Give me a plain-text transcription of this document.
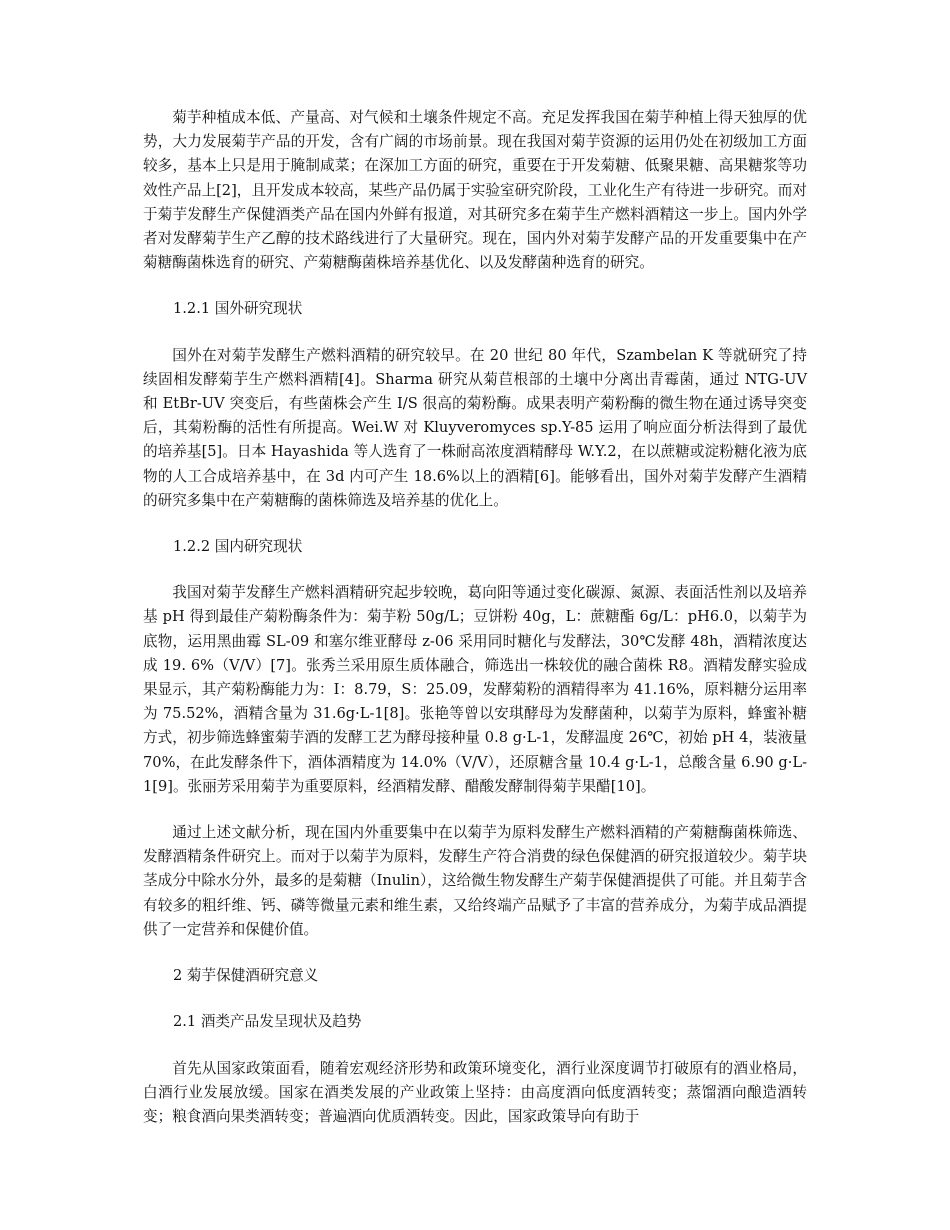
菊芋种植成本低、产量高、对气候和土壤条件规定不高。充足发挥我国在菊芋种植上得天独厚的优势，大力发展菊芋产品的开发，含有广阔的市场前景。现在我国对菊芋资源的运用仍处在初级加工方面较多，基本上只是用于腌制咸菜；在深加工方面的研究，重要在于开发菊糖、低聚果糖、高果糖浆等功效性产品上[2]，且开发成本较高，某些产品仍属于实验室研究阶段，工业化生产有待进一步研究。而对于菊芋发酵生产保健酒类产品在国内外鲜有报道，对其研究多在菊芋生产燃料酒精这一步上。国内外学者对发酵菊芋生产乙醇的技术路线进行了大量研究。现在，国内外对菊芋发酵产品的开发重要集中在产菊糖酶菌株选育的研究、产菊糖酶菌株培养基优化、以及发酵菌种选育的研究。

1.2.1 国外研究现状

国外在对菊芋发酵生产燃料酒精的研究较早。在 20 世纪 80 年代，Szambelan K 等就研究了持续固相发酵菊芋生产燃料酒精[4]。Sharma 研究从菊苣根部的土壤中分离出青霉菌，通过 NTG-UV 和 EtBr-UV 突变后，有些菌株会产生 I/S 很高的菊粉酶。成果表明产菊粉酶的微生物在通过诱导突变后，其菊粉酶的活性有所提高。Wei.W 对 Kluyveromyces sp.Y-85 运用了响应面分析法得到了最优的培养基[5]。日本 Hayashida 等人选育了一株耐高浓度酒精酵母 W.Y.2，在以蔗糖或淀粉糖化液为底物的人工合成培养基中，在 3d 内可产生 18.6%以上的酒精[6]。能够看出，国外对菊芋发酵产生酒精的研究多集中在产菊糖酶的菌株筛选及培养基的优化上。

1.2.2 国内研究现状

我国对菊芋发酵生产燃料酒精研究起步较晚，葛向阳等通过变化碳源、氮源、表面活性剂以及培养基 pH 得到最佳产菊粉酶条件为：菊芋粉 50g/L；豆饼粉 40g，L：蔗糖酯 6g/L：pH6.0，以菊芋为底物，运用黑曲霉 SL-09 和塞尔维亚酵母 z-06 采用同时糖化与发酵法，30℃发酵 48h，酒精浓度达成 19. 6%（V/V）[7]。张秀兰采用原生质体融合，筛选出一株较优的融合菌株 R8。酒精发酵实验成果显示，其产菊粉酶能力为：I：8.79，S：25.09，发酵菊粉的酒精得率为 41.16%，原料糖分运用率为 75.52%，酒精含量为 31.6g·L-1[8]。张艳等曾以安琪酵母为发酵菌种，以菊芋为原料，蜂蜜补糖方式，初步筛选蜂蜜菊芋酒的发酵工艺为酵母接种量 0.8 g·L-1，发酵温度 26℃，初始 pH 4，装液量 70%，在此发酵条件下，酒体酒精度为 14.0%（V/V），还原糖含量 10.4 g·L-1，总酸含量 6.90 g·L-1[9]。张丽芳采用菊芋为重要原料，经酒精发酵、醋酸发酵制得菊芋果醋[10]。

通过上述文献分析，现在国内外重要集中在以菊芋为原料发酵生产燃料酒精的产菊糖酶菌株筛选、发酵酒精条件研究上。而对于以菊芋为原料，发酵生产符合消费的绿色保健酒的研究报道较少。菊芋块茎成分中除水分外，最多的是菊糖（Inulin），这给微生物发酵生产菊芋保健酒提供了可能。并且菊芋含有较多的粗纤维、钙、磷等微量元素和维生素，又给终端产品赋予了丰富的营养成分，为菊芋成品酒提供了一定营养和保健价值。

2 菊芋保健酒研究意义

2.1 酒类产品发呈现状及趋势

首先从国家政策面看，随着宏观经济形势和政策环境变化，酒行业深度调节打破原有的酒业格局，白酒行业发展放缓。国家在酒类发展的产业政策上坚持：由高度酒向低度酒转变；蒸馏酒向酿造酒转变；粮食酒向果类酒转变；普遍酒向优质酒转变。因此，国家政策导向有助于
